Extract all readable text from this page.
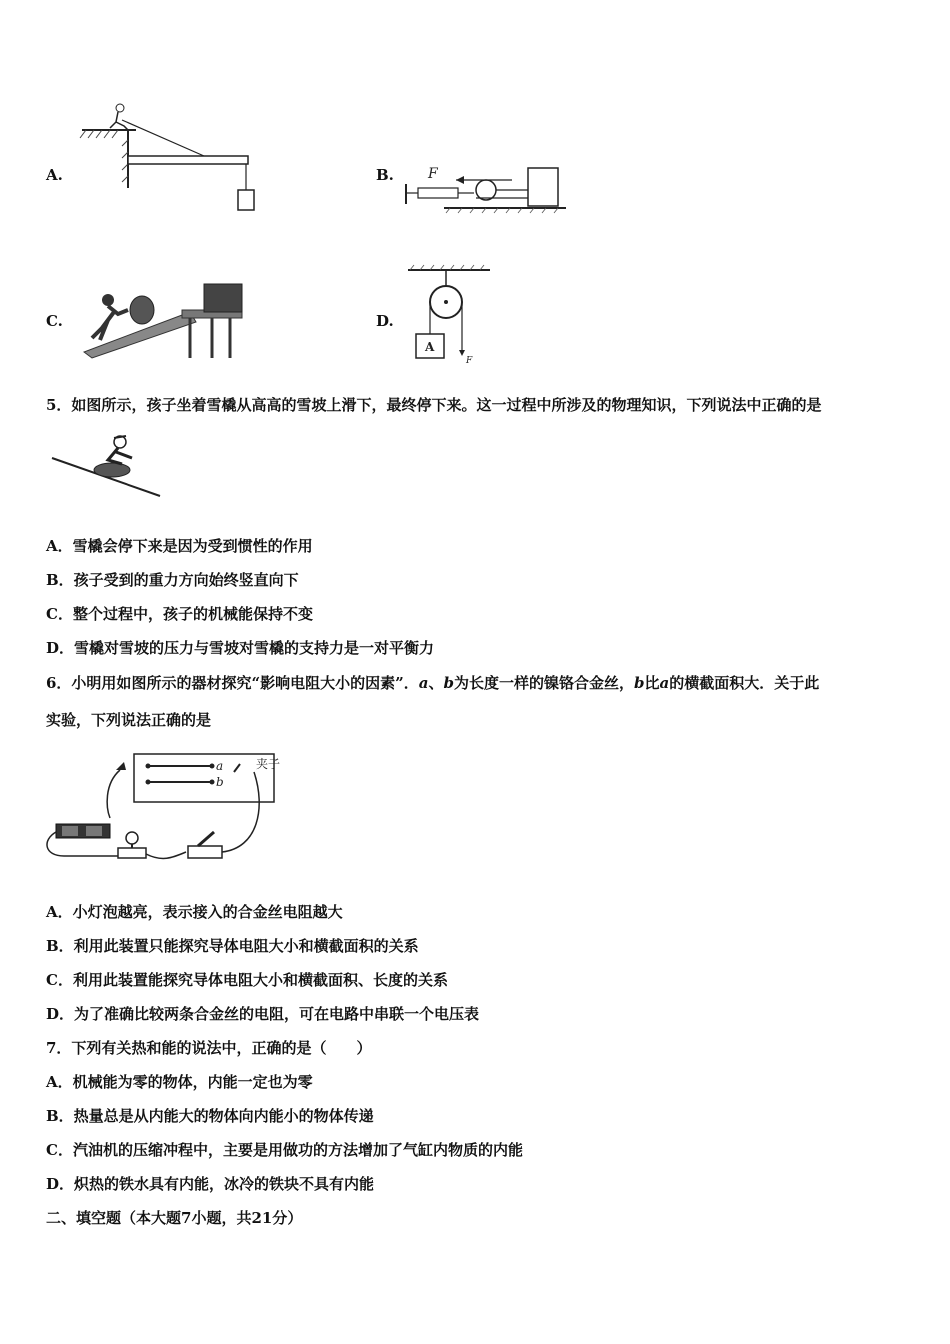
A.	B. F
C.	D.
A
F
5．如图所示，孩子坐着雪橇从高高的雪坡上滑下，最终停下来。这一过程中所涉及的物理知识，下列说法中正确的是
A．雪橇会停下来是因为受到惯性的作用
B．孩子受到的重力方向始终竖直向下
C．整个过程中，孩子的机械能保持不变
D．雪橇对雪坡的压力与雪坡对雪橇的支持力是一对平衡力
6．小明用如图所示的器材探究“影响电阻大小的因素”．a、b为长度一样的镍铬合金丝，b比a的横截面积大．关于此
实验，下列说法正确的是
a
b
夹子
A．小灯泡越亮，表示接入的合金丝电阻越大
B．利用此装置只能探究导体电阻大小和横截面积的关系
C．利用此装置能探究导体电阻大小和横截面积、长度的关系
D．为了准确比较两条合金丝的电阻，可在电路中串联一个电压表
7．下列有关热和能的说法中，正确的是（　　）
A．机械能为零的物体，内能一定也为零
B．热量总是从内能大的物体向内能小的物体传递
C．汽油机的压缩冲程中，主要是用做功的方法增加了气缸内物质的内能
D．炽热的铁水具有内能，冰冷的铁块不具有内能
二、填空题（本大题7小题，共21分）
